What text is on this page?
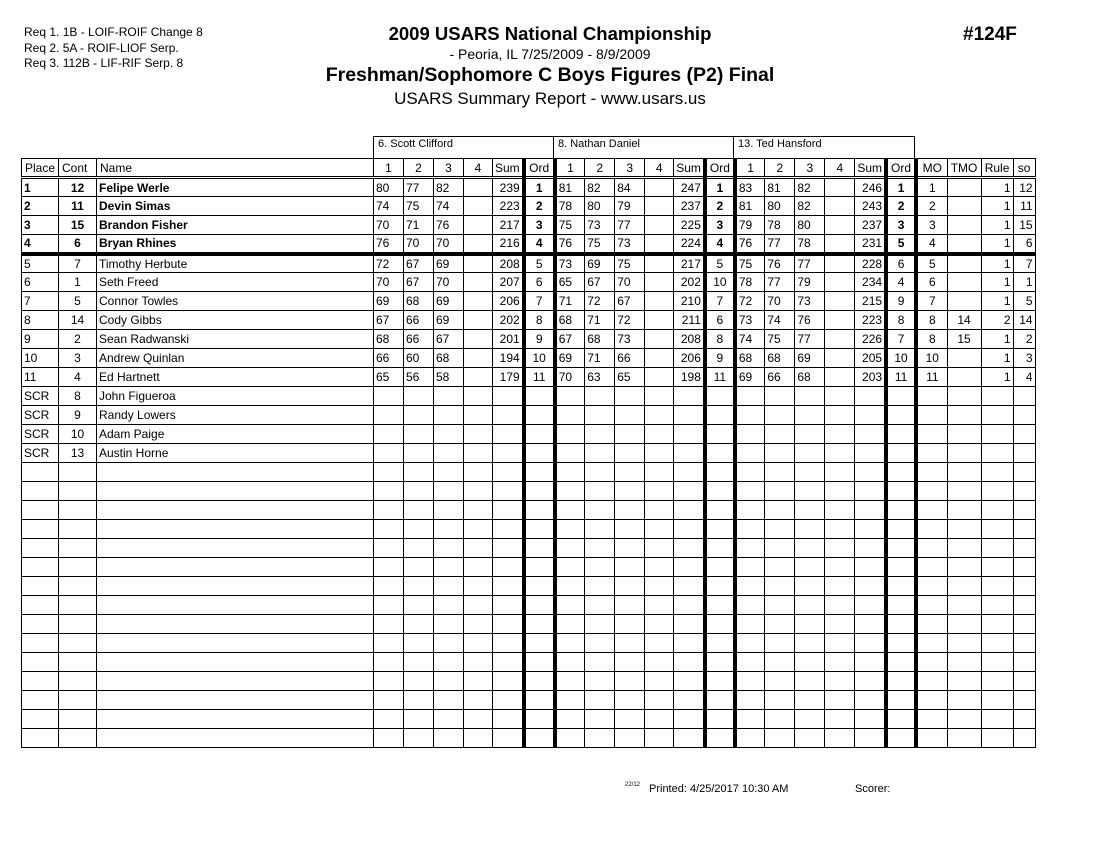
Req 1. 1B - LOIF-ROIF Change 8
Req 2. 5A - ROIF-LIOF Serp.
Req 3. 112B - LIF-RIF Serp. 8
2009 USARS National Championship
- Peoria, IL 7/25/2009 - 8/9/2009
Freshman/Sophomore C Boys Figures (P2) Final
USARS Summary Report - www.usars.us
#124F
6. Scott Clifford	8. Nathan Daniel	13. Ted Hansford
Place	Cont	Name	1	2	3	4	Sum	Ord	1	2	3	4	Sum	Ord	1	2	3	4	Sum	Ord	MO	TMO	Rule	so
1	12	Felipe Werle	80	77	82		239	1	81	82	84		247	1	83	81	82		246	1	1		1	12
2	11	Devin Simas	74	75	74		223	2	78	80	79		237	2	81	80	82		243	2	2		1	11
3	15	Brandon Fisher	70	71	76		217	3	75	73	77		225	3	79	78	80		237	3	3		1	15
4	6	Bryan Rhines	76	70	70		216	4	76	75	73		224	4	76	77	78		231	5	4		1	6
5	7	Timothy Herbute	72	67	69		208	5	73	69	75		217	5	75	76	77		228	6	5		1	7
6	1	Seth Freed	70	67	70		207	6	65	67	70		202	10	78	77	79		234	4	6		1	1
7	5	Connor Towles	69	68	69		206	7	71	72	67		210	7	72	70	73		215	9	7		1	5
8	14	Cody Gibbs	67	66	69		202	8	68	71	72		211	6	73	74	76		223	8	8	14	2	14
9	2	Sean Radwanski	68	66	67		201	9	67	68	73		208	8	74	75	77		226	7	8	15	1	2
10	3	Andrew Quinlan	66	60	68		194	10	69	71	66		206	9	68	68	69		205	10	10		1	3
11	4	Ed Hartnett	65	56	58		179	11	70	63	65		198	11	69	66	68		203	11	11		1	4
SCR	8	John Figueroa																						
SCR	9	Randy Lowers																						
SCR	10	Adam Paige																						
SCR	13	Austin Horne																						

22/12 Printed: 4/25/2017 10:30 AM	Scorer:
